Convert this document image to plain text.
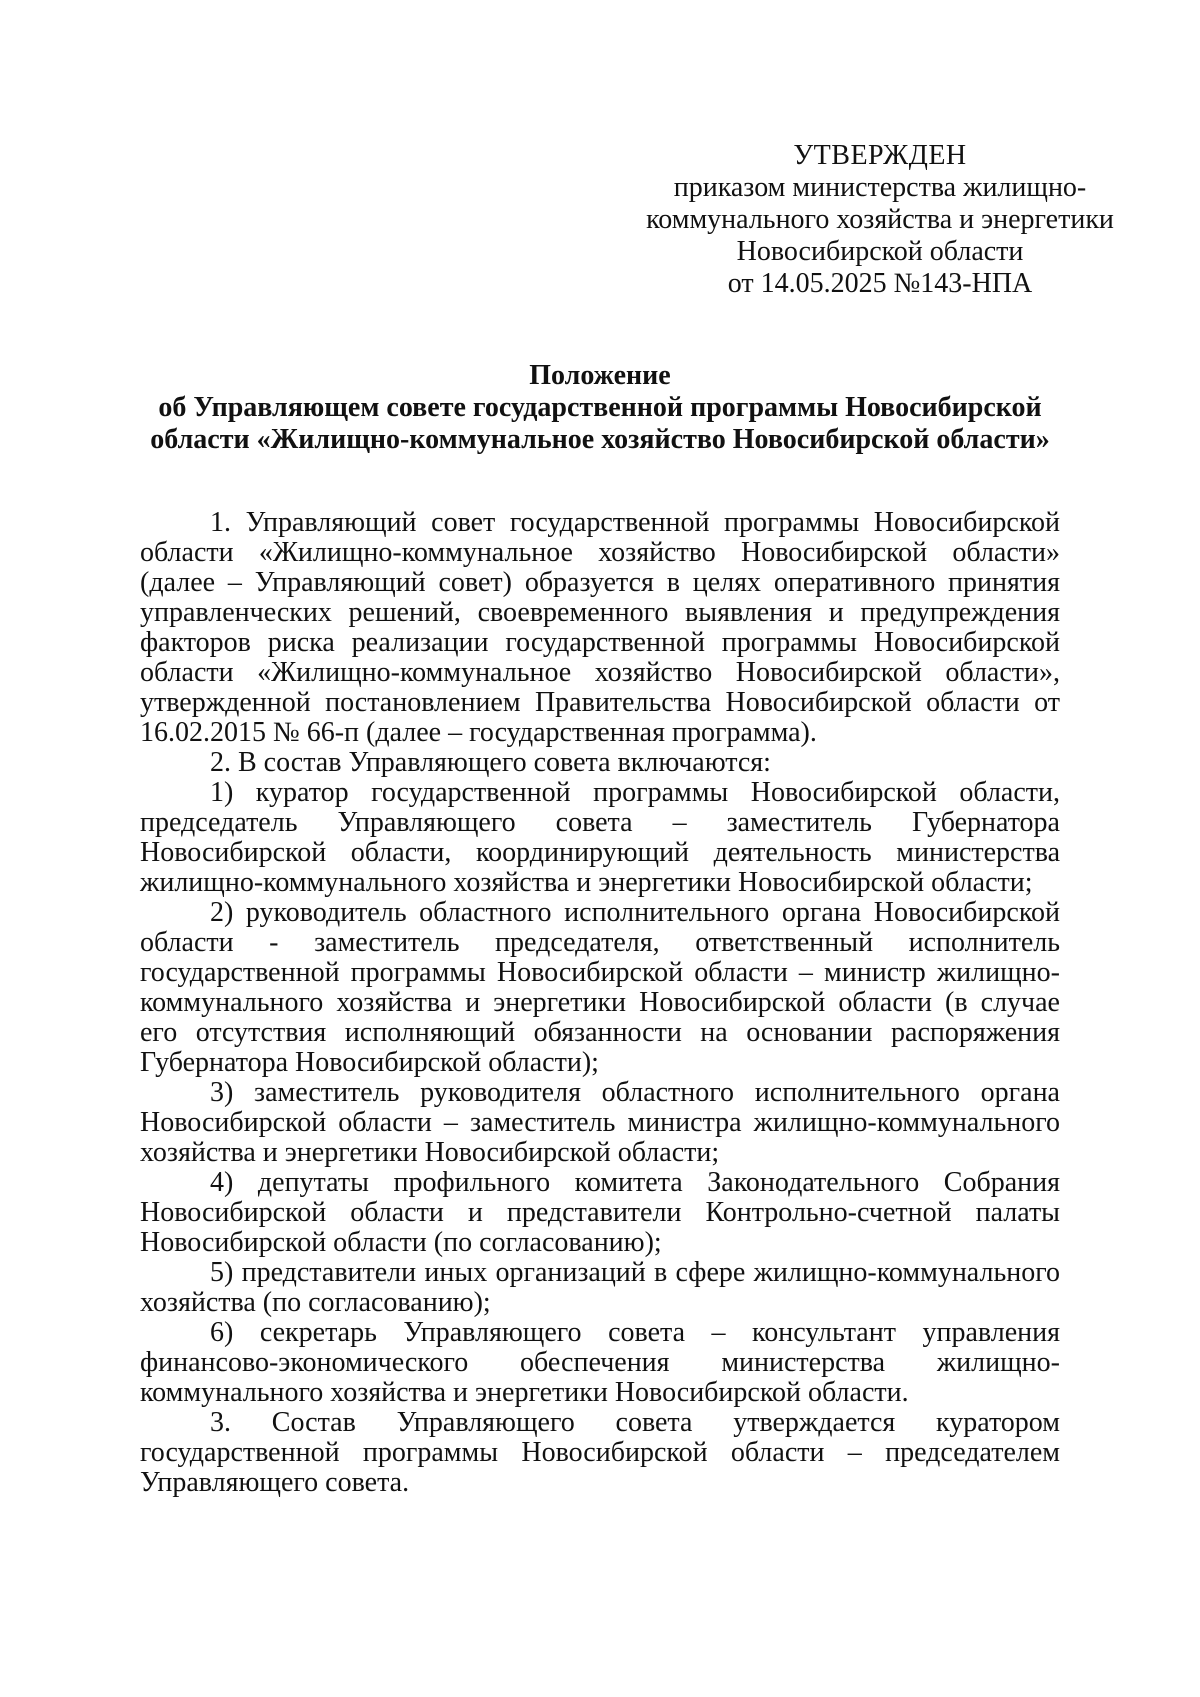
УТВЕРЖДЕН
приказом министерства жилищно-
коммунального хозяйства и энергетики
Новосибирской области
от 14.05.2025 №143-НПА
Положение
об Управляющем совете государственной программы Новосибирской
области «Жилищно-коммунальное хозяйство Новосибирской области»

1. Управляющий совет государственной программы Новосибирской области «Жилищно-коммунальное хозяйство Новосибирской области» (далее – Управляющий совет) образуется в целях оперативного принятия управленческих решений, своевременного выявления и предупреждения факторов риска реализации государственной программы Новосибирской области «Жилищно-коммунальное хозяйство Новосибирской области», утвержденной постановлением Правительства Новосибирской области от 16.02.2015 № 66-п (далее – государственная программа).

2. В состав Управляющего совета включаются:

1) куратор государственной программы Новосибирской области, председатель Управляющего совета – заместитель Губернатора Новосибирской области, координирующий деятельность министерства жилищно-коммунального хозяйства и энергетики Новосибирской области;

2) руководитель областного исполнительного органа Новосибирской области - заместитель председателя, ответственный исполнитель государственной программы Новосибирской области – министр жилищно-коммунального хозяйства и энергетики Новосибирской области (в случае его отсутствия исполняющий обязанности на основании распоряжения Губернатора Новосибирской области);

3) заместитель руководителя областного исполнительного органа Новосибирской области – заместитель министра жилищно-коммунального хозяйства и энергетики Новосибирской области;

4) депутаты профильного комитета Законодательного Собрания Новосибирской области и представители Контрольно-счетной палаты Новосибирской области (по согласованию);

5) представители иных организаций в сфере жилищно-коммунального хозяйства (по согласованию);

6) секретарь Управляющего совета – консультант управления финансово-экономического обеспечения министерства жилищно-коммунального хозяйства и энергетики Новосибирской области.

3. Состав Управляющего совета утверждается куратором государственной программы Новосибирской области – председателем Управляющего совета.
